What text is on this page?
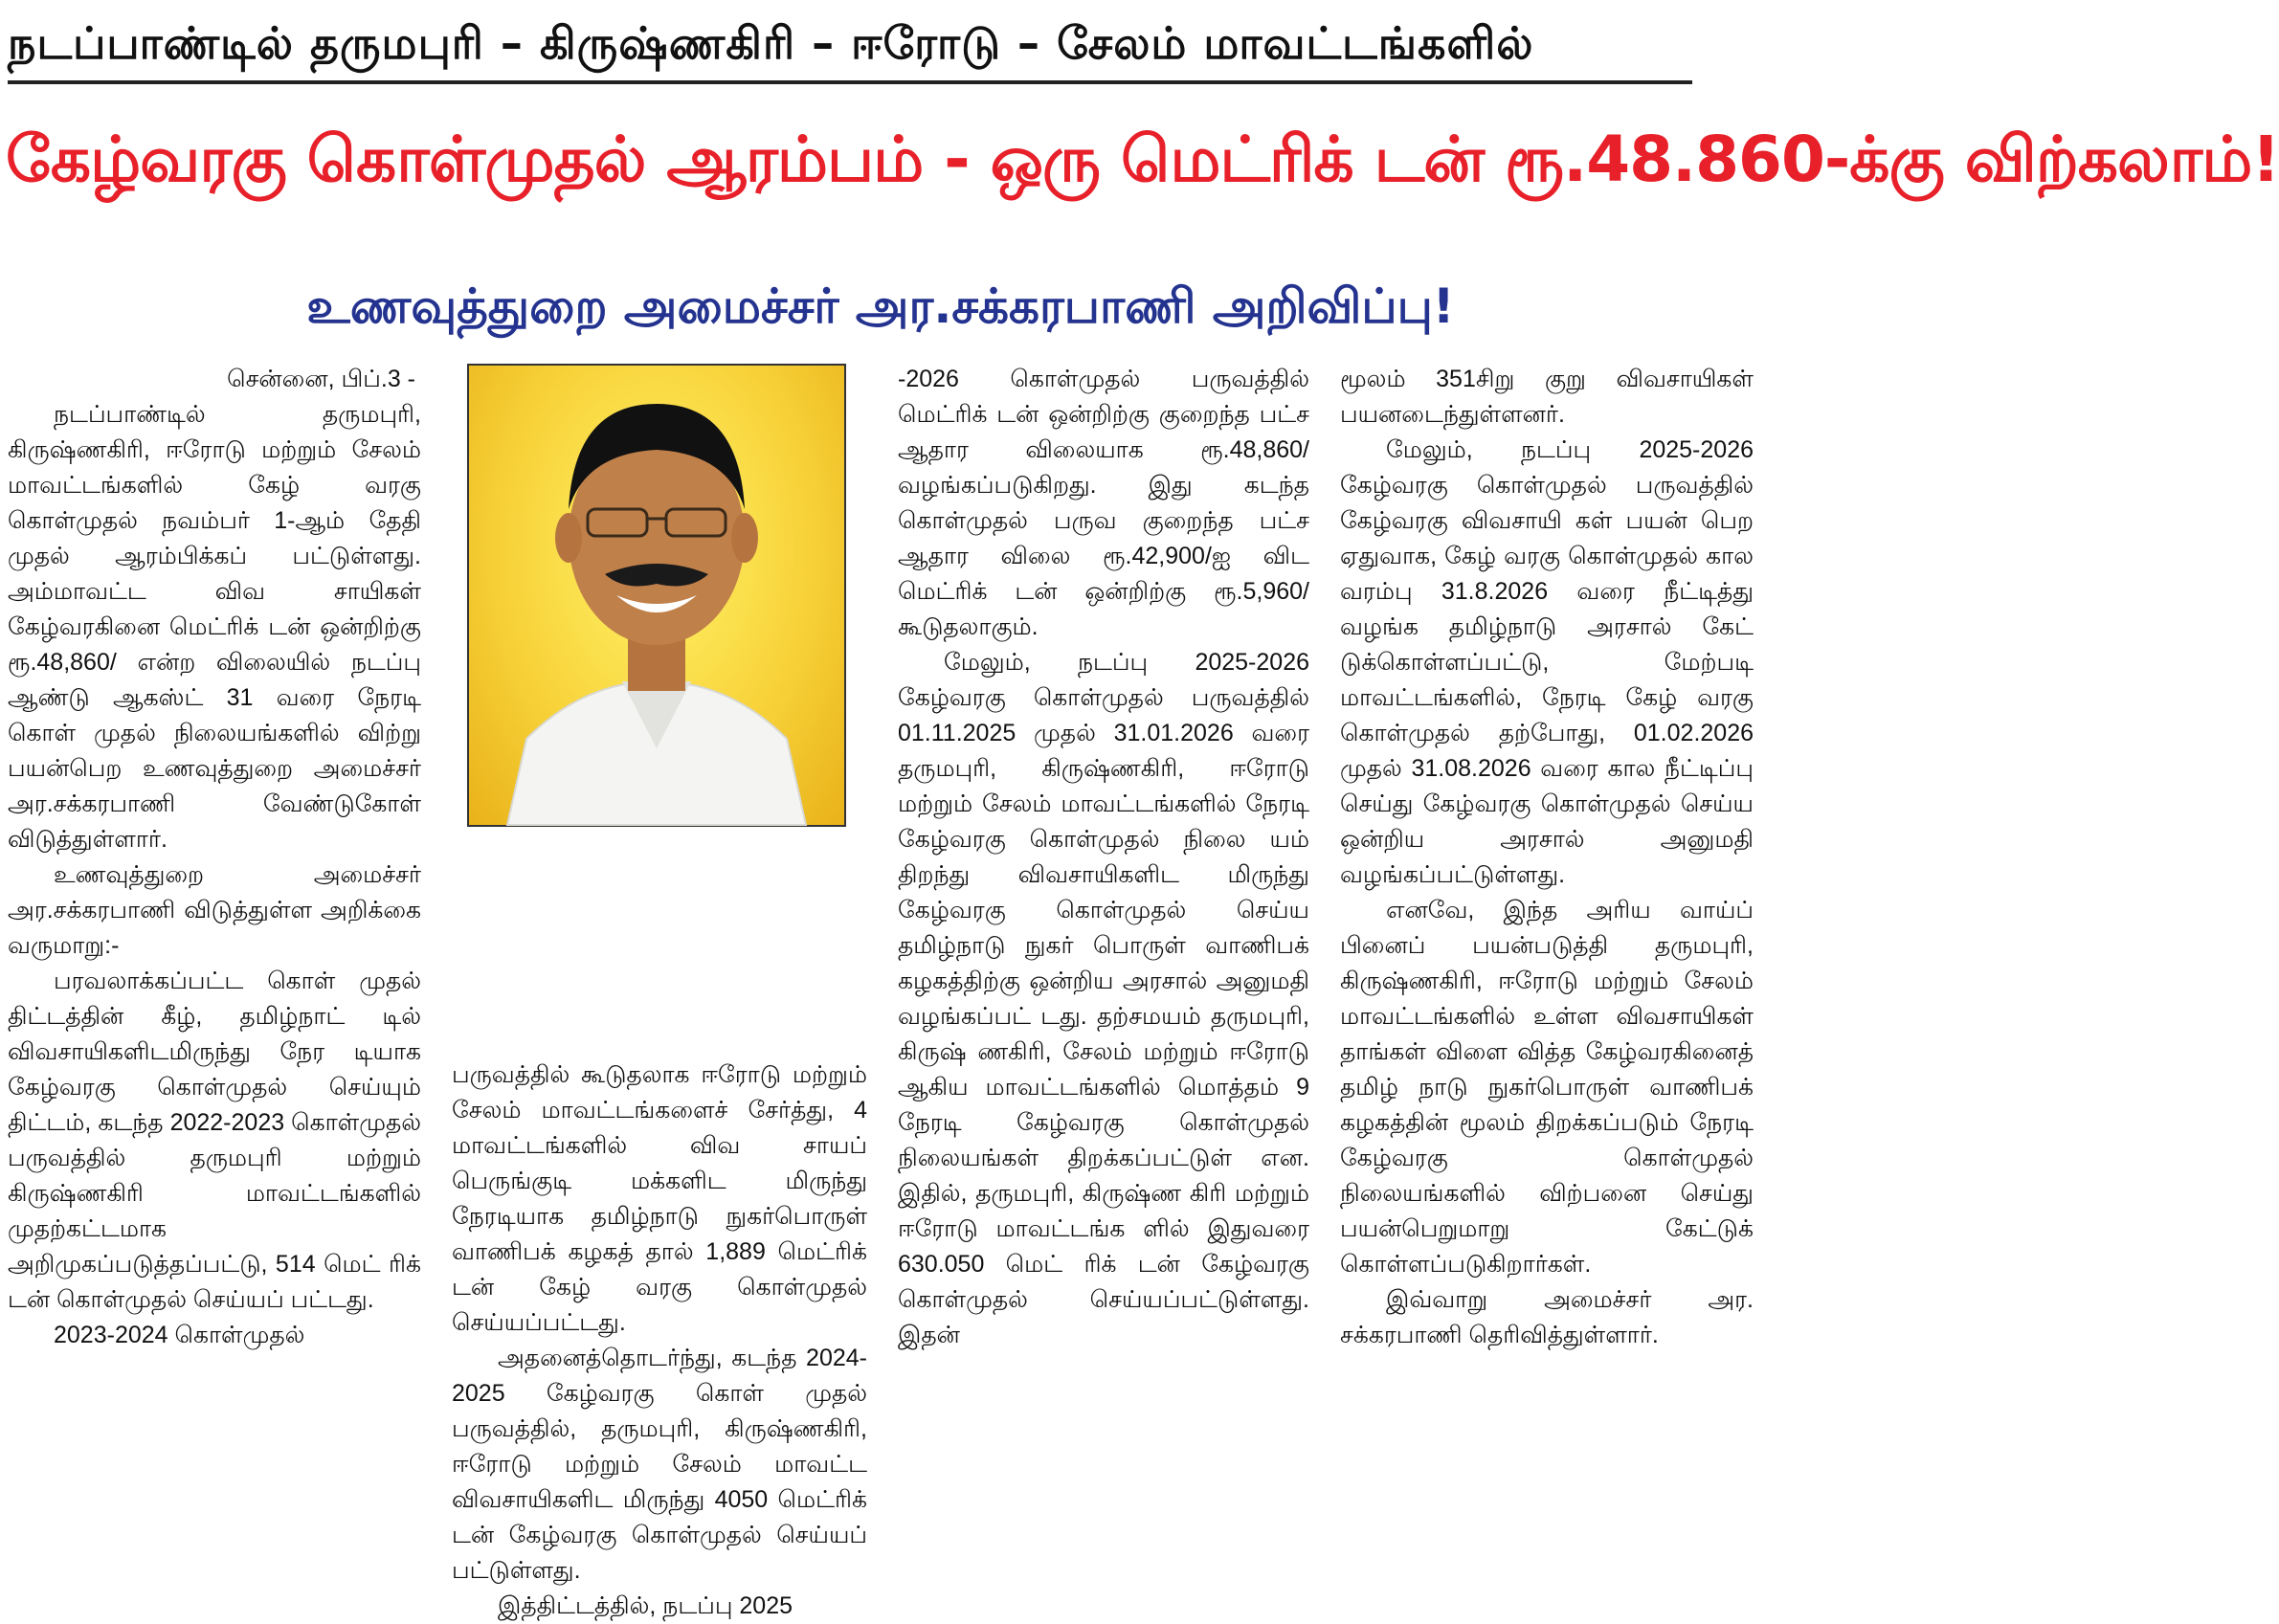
நடப்பாண்டில் தருமபுரி – கிருஷ்ணகிரி – ஈரோடு – சேலம் மாவட்டங்களில்
கேழ்வரகு கொள்முதல் ஆரம்பம் - ஒரு மெட்ரிக் டன் ரூ.48.860-க்கு விற்கலாம்!
உணவுத்துறை அமைச்சர் அர.சக்கரபாணி அறிவிப்பு!

சென்னை, பிப்.3 -

நடப்பாண்டில் தருமபுரி, கிருஷ்ணகிரி, ஈரோடு மற்றும் சேலம் மாவட்டங்களில் கேழ் வரகு கொள்முதல் நவம்பர் 1-ஆம் தேதி முதல் ஆரம்பிக்கப் பட்டுள்ளது. அம்மாவட்ட விவ சாயிகள் கேழ்வரகினை மெட்ரிக் டன் ஒன்றிற்கு ரூ.48,860/ என்ற விலையில் நடப்பு ஆண்டு ஆகஸ்ட் 31 வரை நேரடி கொள் முதல் நிலையங்களில் விற்று பயன்பெற உணவுத்துறை அமைச்சர் அர.சக்கரபாணி வேண்டுகோள் விடுத்துள்ளார்.

உணவுத்துறை அமைச்சர் அர.சக்கரபாணி விடுத்துள்ள அறிக்கை வருமாறு:-

பரவலாக்கப்பட்ட கொள் முதல் திட்டத்தின் கீழ், தமிழ்நாட் டில் விவசாயிகளிடமிருந்து நேர டியாக கேழ்வரகு கொள்முதல் செய்யும் திட்டம், கடந்த 2022-2023 கொள்முதல் பருவத்தில் தருமபுரி மற்றும் கிருஷ்ணகிரி மாவட்டங்களில் முதற்கட்டமாக அறிமுகப்படுத்தப்பட்டு, 514 மெட் ரிக் டன் கொள்முதல் செய்யப் பட்டது.

2023-2024 கொள்முதல்

பருவத்தில் கூடுதலாக ஈரோடு மற்றும் சேலம் மாவட்டங்களைச் சேர்த்து, 4 மாவட்டங்களில் விவ சாயப் பெருங்குடி மக்களிட மிருந்து நேரடியாக தமிழ்நாடு நுகர்பொருள் வாணிபக் கழகத் தால் 1,889 மெட்ரிக் டன் கேழ் வரகு கொள்முதல் செய்யப்பட்டது.

அதனைத்தொடர்ந்து, கடந்த 2024-2025 கேழ்வரகு கொள் முதல் பருவத்தில், தருமபுரி, கிருஷ்ணகிரி, ஈரோடு மற்றும் சேலம் மாவட்ட விவசாயிகளிட மிருந்து 4050 மெட்ரிக் டன் கேழ்வரகு கொள்முதல் செய்யப் பட்டுள்ளது.

இத்திட்டத்தில், நடப்பு 2025

-2026 கொள்முதல் பருவத்தில் மெட்ரிக் டன் ஒன்றிற்கு குறைந்த பட்ச ஆதார விலையாக ரூ.48,860/ வழங்கப்படுகிறது. இது கடந்த கொள்முதல் பருவ குறைந்த பட்ச ஆதார விலை ரூ.42,900/ஐ விட மெட்ரிக் டன் ஒன்றிற்கு ரூ.5,960/கூடுதலாகும்.

மேலும், நடப்பு 2025-2026 கேழ்வரகு கொள்முதல் பருவத்தில் 01.11.2025 முதல் 31.01.2026 வரை தருமபுரி, கிருஷ்ணகிரி, ஈரோடு மற்றும் சேலம் மாவட்டங்களில் நேரடி கேழ்வரகு கொள்முதல் நிலை யம் திறந்து விவசாயிகளிட மிருந்து கேழ்வரகு கொள்முதல் செய்ய தமிழ்நாடு நுகர் பொருள் வாணிபக் கழகத்திற்கு ஒன்றிய அரசால் அனுமதி வழங்கப்பட் டது. தற்சமயம் தருமபுரி, கிருஷ் ணகிரி, சேலம் மற்றும் ஈரோடு ஆகிய மாவட்டங்களில் மொத்தம் 9 நேரடி கேழ்வரகு கொள்முதல் நிலையங்கள் திறக்கப்பட்டுள் என. இதில், தருமபுரி, கிருஷ்ண கிரி மற்றும் ஈரோடு மாவட்டங்க ளில் இதுவரை 630.050 மெட் ரிக் டன் கேழ்வரகு கொள்முதல் செய்யப்பட்டுள்ளது. இதன்

மூலம் 351சிறு குறு விவசாயிகள் பயனடைந்துள்ளனர்.

மேலும், நடப்பு 2025-2026 கேழ்வரகு கொள்முதல் பருவத்தில் கேழ்வரகு விவசாயி கள் பயன் பெற ஏதுவாக, கேழ் வரகு கொள்முதல் கால வரம்பு 31.8.2026 வரை நீட்டித்து வழங்க தமிழ்நாடு அரசால் கேட் டுக்கொள்ளப்பட்டு, மேற்படி மாவட்டங்களில், நேரடி கேழ் வரகு கொள்முதல் தற்போது, 01.02.2026 முதல் 31.08.2026 வரை கால நீட்டிப்பு செய்து கேழ்வரகு கொள்முதல் செய்ய ஒன்றிய அரசால் அனுமதி வழங்கப்பட்டுள்ளது.

எனவே, இந்த அரிய வாய்ப் பினைப் பயன்படுத்தி தருமபுரி, கிருஷ்ணகிரி, ஈரோடு மற்றும் சேலம் மாவட்டங்களில் உள்ள விவசாயிகள் தாங்கள் விளை வித்த கேழ்வரகினைத் தமிழ் நாடு நுகர்பொருள் வாணிபக் கழகத்தின் மூலம் திறக்கப்படும் நேரடி கேழ்வரகு கொள்முதல் நிலையங்களில் விற்பனை செய்து பயன்பெறுமாறு கேட்டுக் கொள்ளப்படுகிறார்கள்.

இவ்வாறு அமைச்சர் அர. சக்கரபாணி தெரிவித்துள்ளார்.
